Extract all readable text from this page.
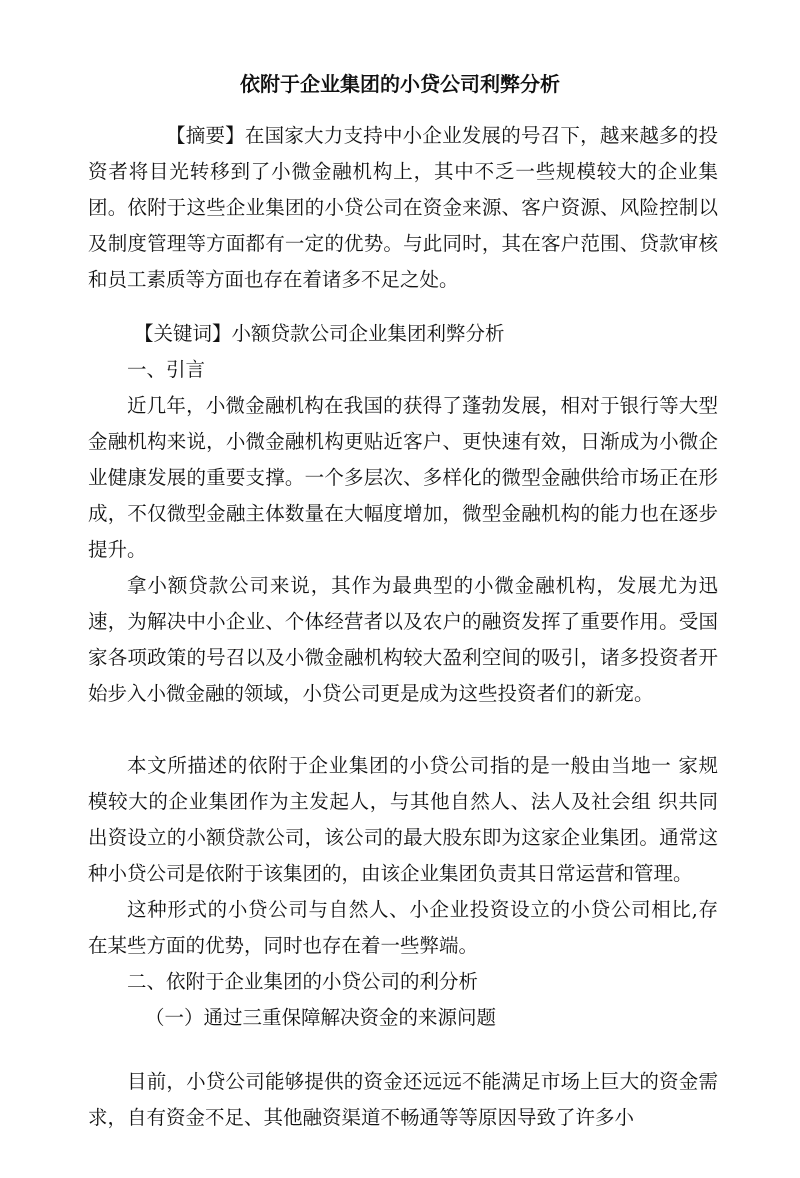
依附于企业集团的小贷公司利弊分析

【摘要】在国家大力支持中小企业发展的号召下，越来越多的投资者将目光转移到了小微金融机构上，其中不乏一些规模较大的企业集团。依附于这些企业集团的小贷公司在资金来源、客户资源、风险控制以及制度管理等方面都有一定的优势。与此同时，其在客户范围、贷款审核和员工素质等方面也存在着诸多不足之处。

【关键词】小额贷款公司企业集团利弊分析

一、引言

近几年，小微金融机构在我国的获得了蓬勃发展，相对于银行等大型金融机构来说，小微金融机构更贴近客户、更快速有效，日渐成为小微企业健康发展的重要支撑。一个多层次、多样化的微型金融供给市场正在形成，不仅微型金融主体数量在大幅度增加，微型金融机构的能力也在逐步提升。

拿小额贷款公司来说，其作为最典型的小微金融机构，发展尤为迅速，为解决中小企业、个体经营者以及农户的融资发挥了重要作用。受国家各项政策的号召以及小微金融机构较大盈利空间的吸引，诸多投资者开始步入小微金融的领域，小贷公司更是成为这些投资者们的新宠。

本文所描述的依附于企业集团的小贷公司指的是一般由当地一 家规模较大的企业集团作为主发起人，与其他自然人、法人及社会组 织共同出资设立的小额贷款公司，该公司的最大股东即为这家企业集团。通常这种小贷公司是依附于该集团的，由该企业集团负责其日常运营和管理。

这种形式的小贷公司与自然人、小企业投资设立的小贷公司相比,存在某些方面的优势，同时也存在着一些弊端。

二、依附于企业集团的小贷公司的利分析

（一）通过三重保障解决资金的来源问题

目前，小贷公司能够提供的资金还远远不能满足市场上巨大的资金需求，自有资金不足、其他融资渠道不畅通等等原因导致了许多小
